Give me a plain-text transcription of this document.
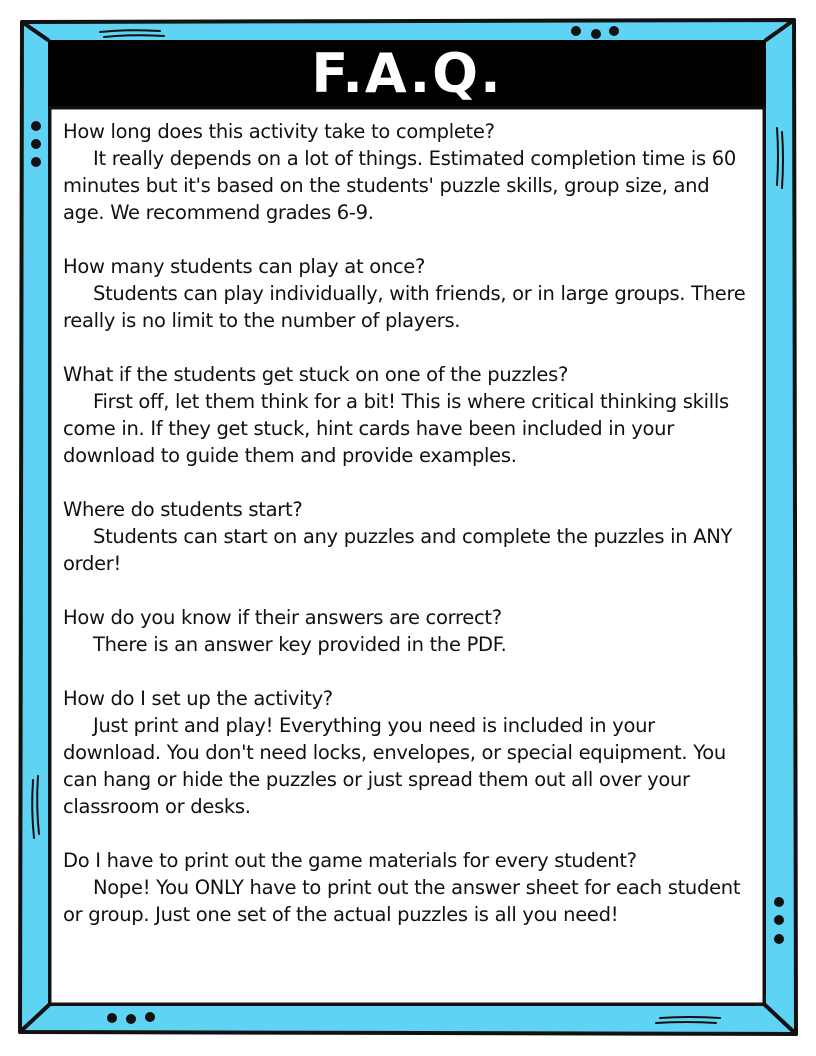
F.A.Q.
How long does this activity take to complete?
It really depends on a lot of things. Estimated completion time is 60 minutes but it's based on the students' puzzle skills, group size, and age. We recommend grades 6-9.
How many students can play at once?
Students can play individually, with friends, or in large groups. There really is no limit to the number of players.
What if the students get stuck on one of the puzzles?
First off, let them think for a bit! This is where critical thinking skills come in. If they get stuck, hint cards have been included in your download to guide them and provide examples.
Where do students start?
Students can start on any puzzles and complete the puzzles in ANY order!
How do you know if their answers are correct?
There is an answer key provided in the PDF.
How do I set up the activity?
Just print and play! Everything you need is included in your download. You don't need locks, envelopes, or special equipment. You can hang or hide the puzzles or just spread them out all over your classroom or desks.
Do I have to print out the game materials for every student?
Nope! You ONLY have to print out the answer sheet for each student or group. Just one set of the actual puzzles is all you need!
